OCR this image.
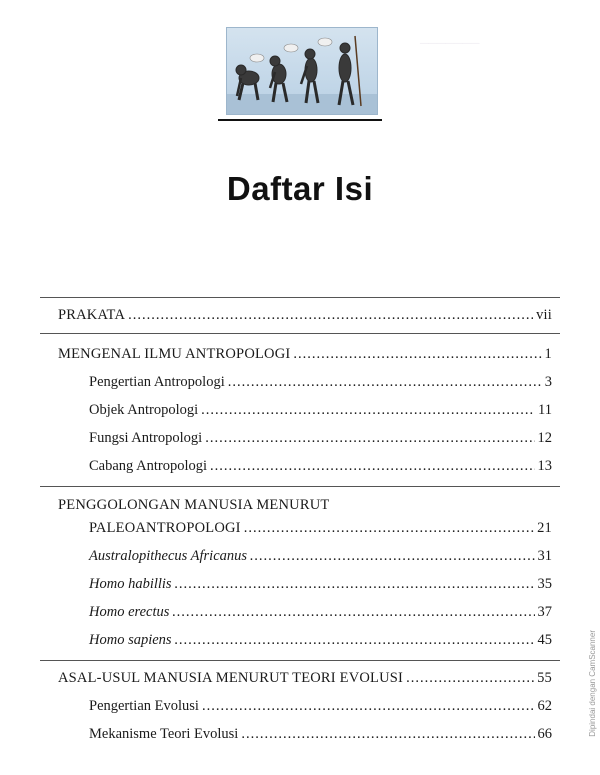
───────
Daftar Isi
PRAKATA .....	vii
MENGENAL ILMU ANTROPOLOGI .....	1
Pengertian Antropologi .....	3
Objek Antropologi .....	11
Fungsi Antropologi .....	12
Cabang Antropologi .....	13
PENGGOLONGAN MANUSIA MENURUT
PALEOANTROPOLOGI .....	21
Australopithecus Africanus .....	31
Homo habillis .....	35
Homo erectus .....	37
Homo sapiens .....	45
ASAL-USUL MANUSIA MENURUT TEORI EVOLUSI .....	55
Pengertian Evolusi .....	62
Mekanisme Teori Evolusi .....	66	Dipindai dengan CamScanner
